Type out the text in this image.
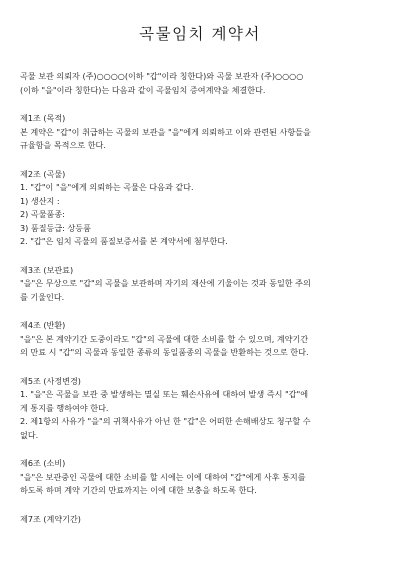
곡물임치 계약서
곡물 보관 의뢰자 (주)○○○○(이하 "갑"이라 칭한다)와 곡물 보관자 (주)○○○○
(이하 "을"이라 칭한다)는 다음과 같이 곡물임치 증여계약을 체결한다.
제1조 (목적)
본 계약은 "갑"이 취급하는 곡물의 보관을 "을"에게 의뢰하고 이와 관련된 사항들을
규율함을 목적으로 한다.
제2조 (곡물)
1. "갑"이 "을"에게 의뢰하는 곡물은 다음과 같다.
1) 생산지 :
2) 곡물품종:
3) 품질등급: 상등품
2. "갑"은 임치 곡물의 품질보증서를 본 계약서에 첨부한다.
제3조 (보관료)
"을"은 무상으로 "갑"의 곡물을 보관하며 자기의 재산에 기울이는 것과 동일한 주의
를 기울인다.
제4조 (반환)
"을"은 본 계약기간 도중이라도 "갑"의 곡물에 대한 소비를 할 수 있으며, 계약기간
의 만료 시 "갑"의 곡물과 동일한 종류의 동일품종의 곡물을 반환하는 것으로 한다.
제5조 (사정변경)
1. "을"은 곡물을 보관 중 발생하는 멸실 또는 훼손사유에 대하여 발생 즉시 "갑"에
게 통지를 행하여야 한다.
2. 제1항의 사유가 "을"의 귀책사유가 아닌 한 "갑"은 어떠한 손해배상도 청구할 수
없다.
제6조 (소비)
"을"은 보관중인 곡물에 대한 소비를 할 시에는 이에 대하여 "갑"에게 사후 통지를
하도록 하며 계약 기간의 만료까지는 이에 대한 보충을 하도록 한다.
제7조 (계약기간)
